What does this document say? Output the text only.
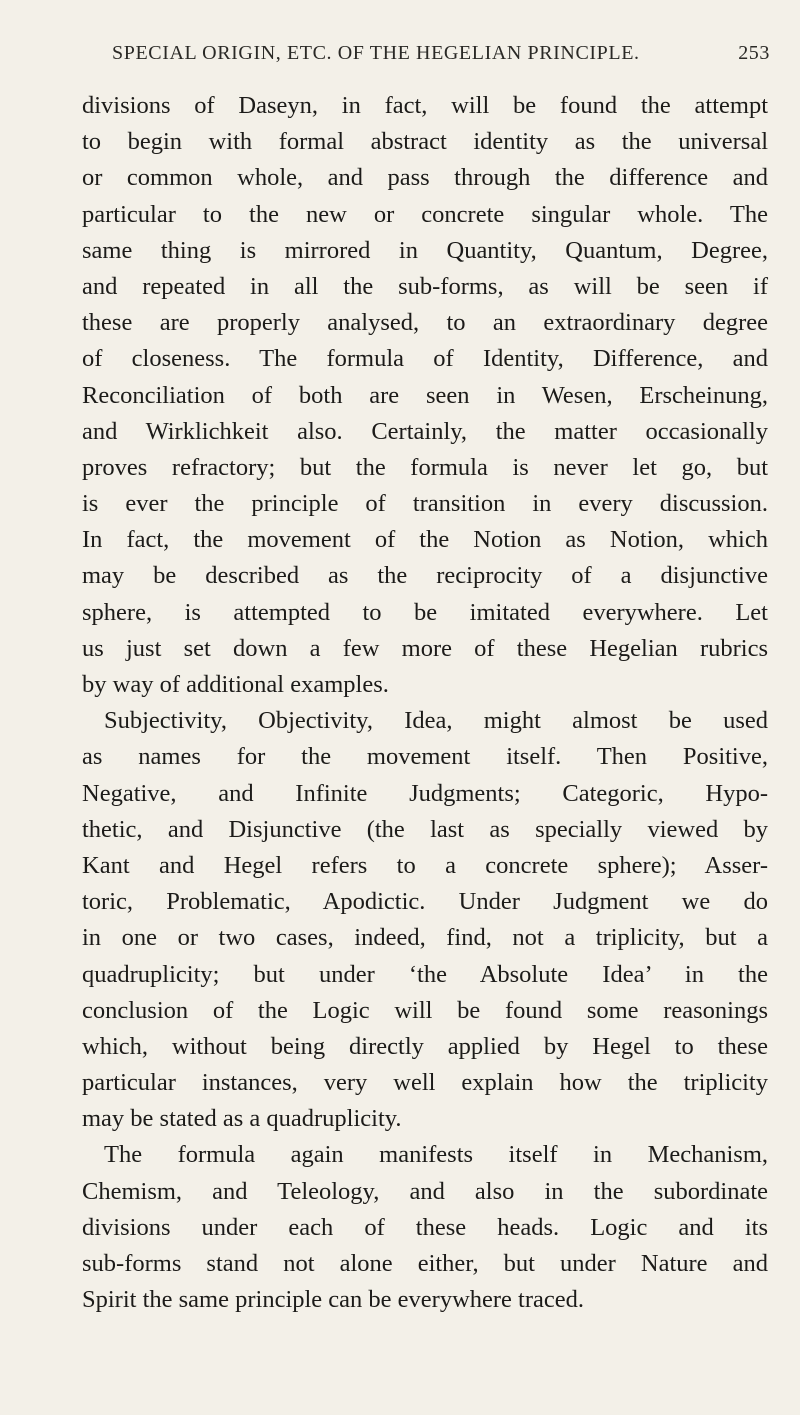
SPECIAL ORIGIN, ETC. OF THE HEGELIAN PRINCIPLE.	253
divisions of Daseyn, in fact, will be found the attempt
to begin with formal abstract identity as the universal
or common whole, and pass through the difference and
particular to the new or concrete singular whole. The
same thing is mirrored in Quantity, Quantum, Degree,
and repeated in all the sub-forms, as will be seen if
these are properly analysed, to an extraordinary degree
of closeness. The formula of Identity, Difference, and
Reconciliation of both are seen in Wesen, Erscheinung,
and Wirklichkeit also. Certainly, the matter occasionally
proves refractory; but the formula is never let go, but
is ever the principle of transition in every discussion.
In fact, the movement of the Notion as Notion, which
may be described as the reciprocity of a disjunctive
sphere, is attempted to be imitated everywhere. Let
us just set down a few more of these Hegelian rubrics
by way of additional examples.
Subjectivity, Objectivity, Idea, might almost be used
as names for the movement itself. Then Positive,
Negative, and Infinite Judgments; Categoric, Hypo-
thetic, and Disjunctive (the last as specially viewed by
Kant and Hegel refers to a concrete sphere); Asser-
toric, Problematic, Apodictic. Under Judgment we do
in one or two cases, indeed, find, not a triplicity, but a
quadruplicity; but under ‘the Absolute Idea’ in the
conclusion of the Logic will be found some reasonings
which, without being directly applied by Hegel to these
particular instances, very well explain how the triplicity
may be stated as a quadruplicity.
The formula again manifests itself in Mechanism,
Chemism, and Teleology, and also in the subordinate
divisions under each of these heads. Logic and its
sub-forms stand not alone either, but under Nature and
Spirit the same principle can be everywhere traced.
